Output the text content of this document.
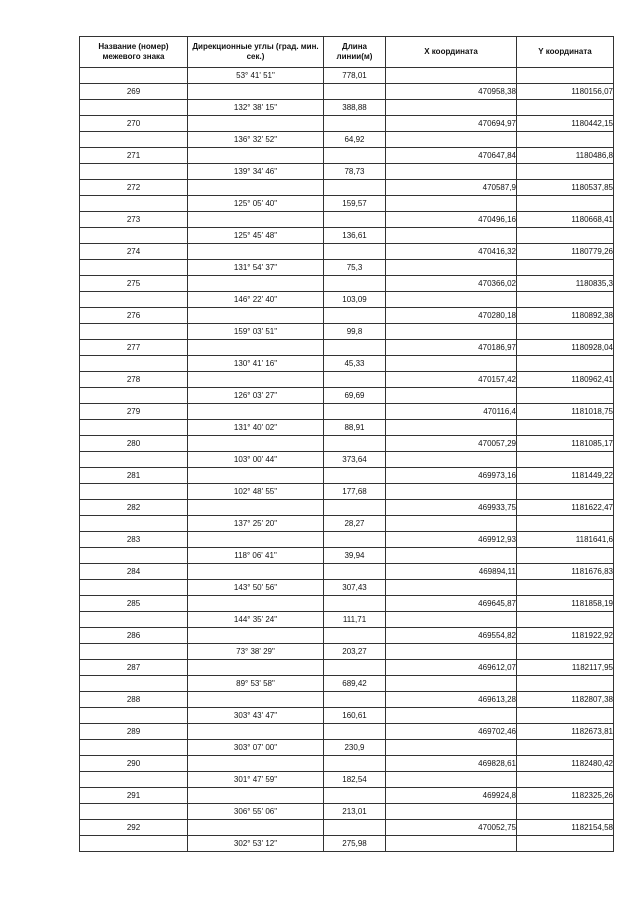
Название (номер) межевого знака	Дирекционные углы (град. мин. сек.)	Длина линии(м)	X координата	Y координата
	53° 41' 51"	778,01		
269			470958,38	1180156,07
	132° 38' 15"	388,88		
270			470694,97	1180442,15
	136° 32' 52"	64,92		
271			470647,84	1180486,8
	139° 34' 46"	78,73		
272			470587,9	1180537,85
	125° 05' 40"	159,57		
273			470496,16	1180668,41
	125° 45' 48"	136,61		
274			470416,32	1180779,26
	131° 54' 37"	75,3		
275			470366,02	1180835,3
	146° 22' 40"	103,09		
276			470280,18	1180892,38
	159° 03' 51"	99,8		
277			470186,97	1180928,04
	130° 41' 16"	45,33		
278			470157,42	1180962,41
	126° 03' 27"	69,69		
279			470116,4	1181018,75
	131° 40' 02"	88,91		
280			470057,29	1181085,17
	103° 00' 44"	373,64		
281			469973,16	1181449,22
	102° 48' 55"	177,68		
282			469933,75	1181622,47
	137° 25' 20"	28,27		
283			469912,93	1181641,6
	118° 06' 41"	39,94		
284			469894,11	1181676,83
	143° 50' 56"	307,43		
285			469645,87	1181858,19
	144° 35' 24"	111,71		
286			469554,82	1181922,92
	73° 38' 29"	203,27		
287			469612,07	1182117,95
	89° 53' 58"	689,42		
288			469613,28	1182807,38
	303° 43' 47"	160,61		
289			469702,46	1182673,81
	303° 07' 00"	230,9		
290			469828,61	1182480,42
	301° 47' 59"	182,54		
291			469924,8	1182325,26
	306° 55' 06"	213,01		
292			470052,75	1182154,58
	302° 53' 12"	275,98		
